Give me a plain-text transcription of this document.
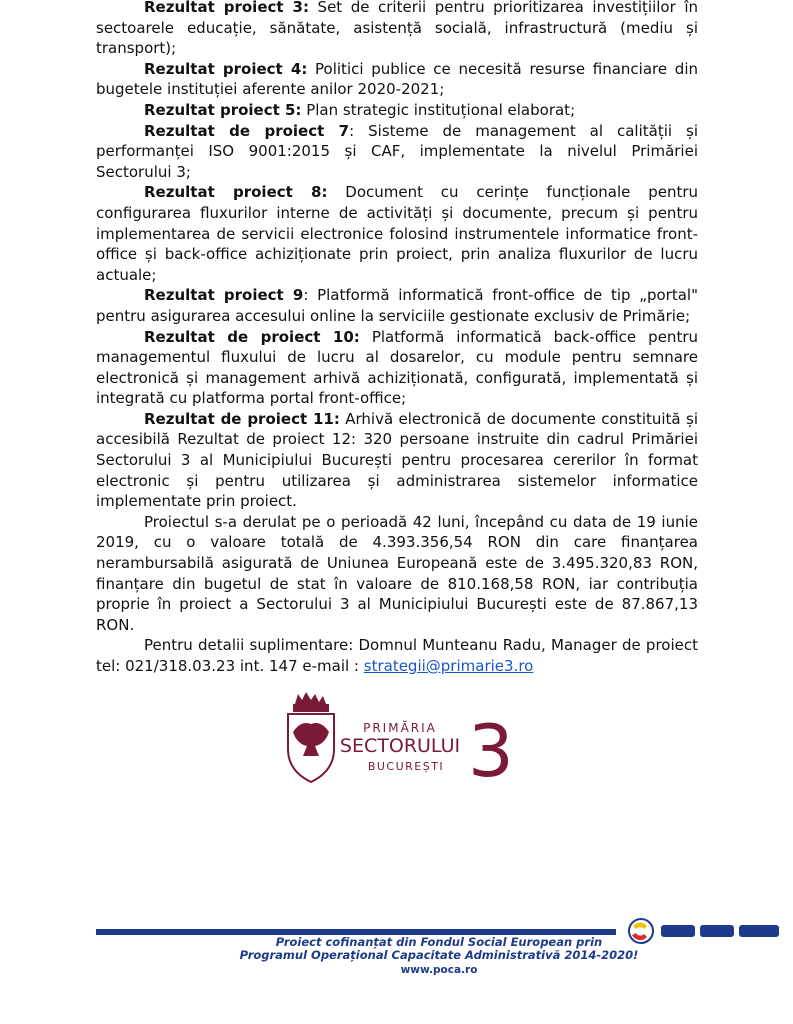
Rezultat proiect 3: Set de criterii pentru prioritizarea investițiilor în sectoarele educație, sănătate, asistență socială, infrastructură (mediu și transport);

Rezultat proiect 4: Politici publice ce necesită resurse financiare din bugetele instituției aferente anilor 2020-2021;

Rezultat proiect 5: Plan strategic instituțional elaborat;

Rezultat de proiect 7: Sisteme de management al calității și performanței ISO 9001:2015 și CAF, implementate la nivelul Primăriei Sectorului 3;

Rezultat proiect 8: Document cu cerințe funcționale pentru configurarea fluxurilor interne de activități și documente, precum și pentru implementarea de servicii electronice folosind instrumentele informatice front-office și back-office achiziționate prin proiect, prin analiza fluxurilor de lucru actuale;

Rezultat proiect 9: Platformă informatică front-office de tip „portal" pentru asigurarea accesului online la serviciile gestionate exclusiv de Primărie;

Rezultat de proiect 10: Platformă informatică back-office pentru managementul fluxului de lucru al dosarelor, cu module pentru semnare electronică și management arhivă achiziționată, configurată, implementată și integrată cu platforma portal front-office;

Rezultat de proiect 11: Arhivă electronică de documente constituită și accesibilă Rezultat de proiect 12: 320 persoane instruite din cadrul Primăriei Sectorului 3 al Municipiului București pentru procesarea cererilor în format electronic și pentru utilizarea și administrarea sistemelor informatice implementate prin proiect.

Proiectul s-a derulat pe o perioadă 42 luni, începând cu data de 19 iunie 2019, cu o valoare totală de 4.393.356,54 RON din care finanțarea nerambursabilă asigurată de Uniunea Europeană este de 3.495.320,83 RON, finanțare din bugetul de stat în valoare de 810.168,58 RON, iar contribuția proprie în proiect a Sectorului 3 al Municipiului București este de 87.867,13 RON.

Pentru detalii suplimentare: Domnul Munteanu Radu, Manager de proiect tel: 021/318.03.23 int. 147 e-mail : strategii@primarie3.ro

PRIMĂRIA
SECTORULUI
BUCUREȘTI 3
Proiect cofinanțat din Fondul Social European prin
Programul Operațional Capacitate Administrativă 2014-2020!
www.poca.ro
